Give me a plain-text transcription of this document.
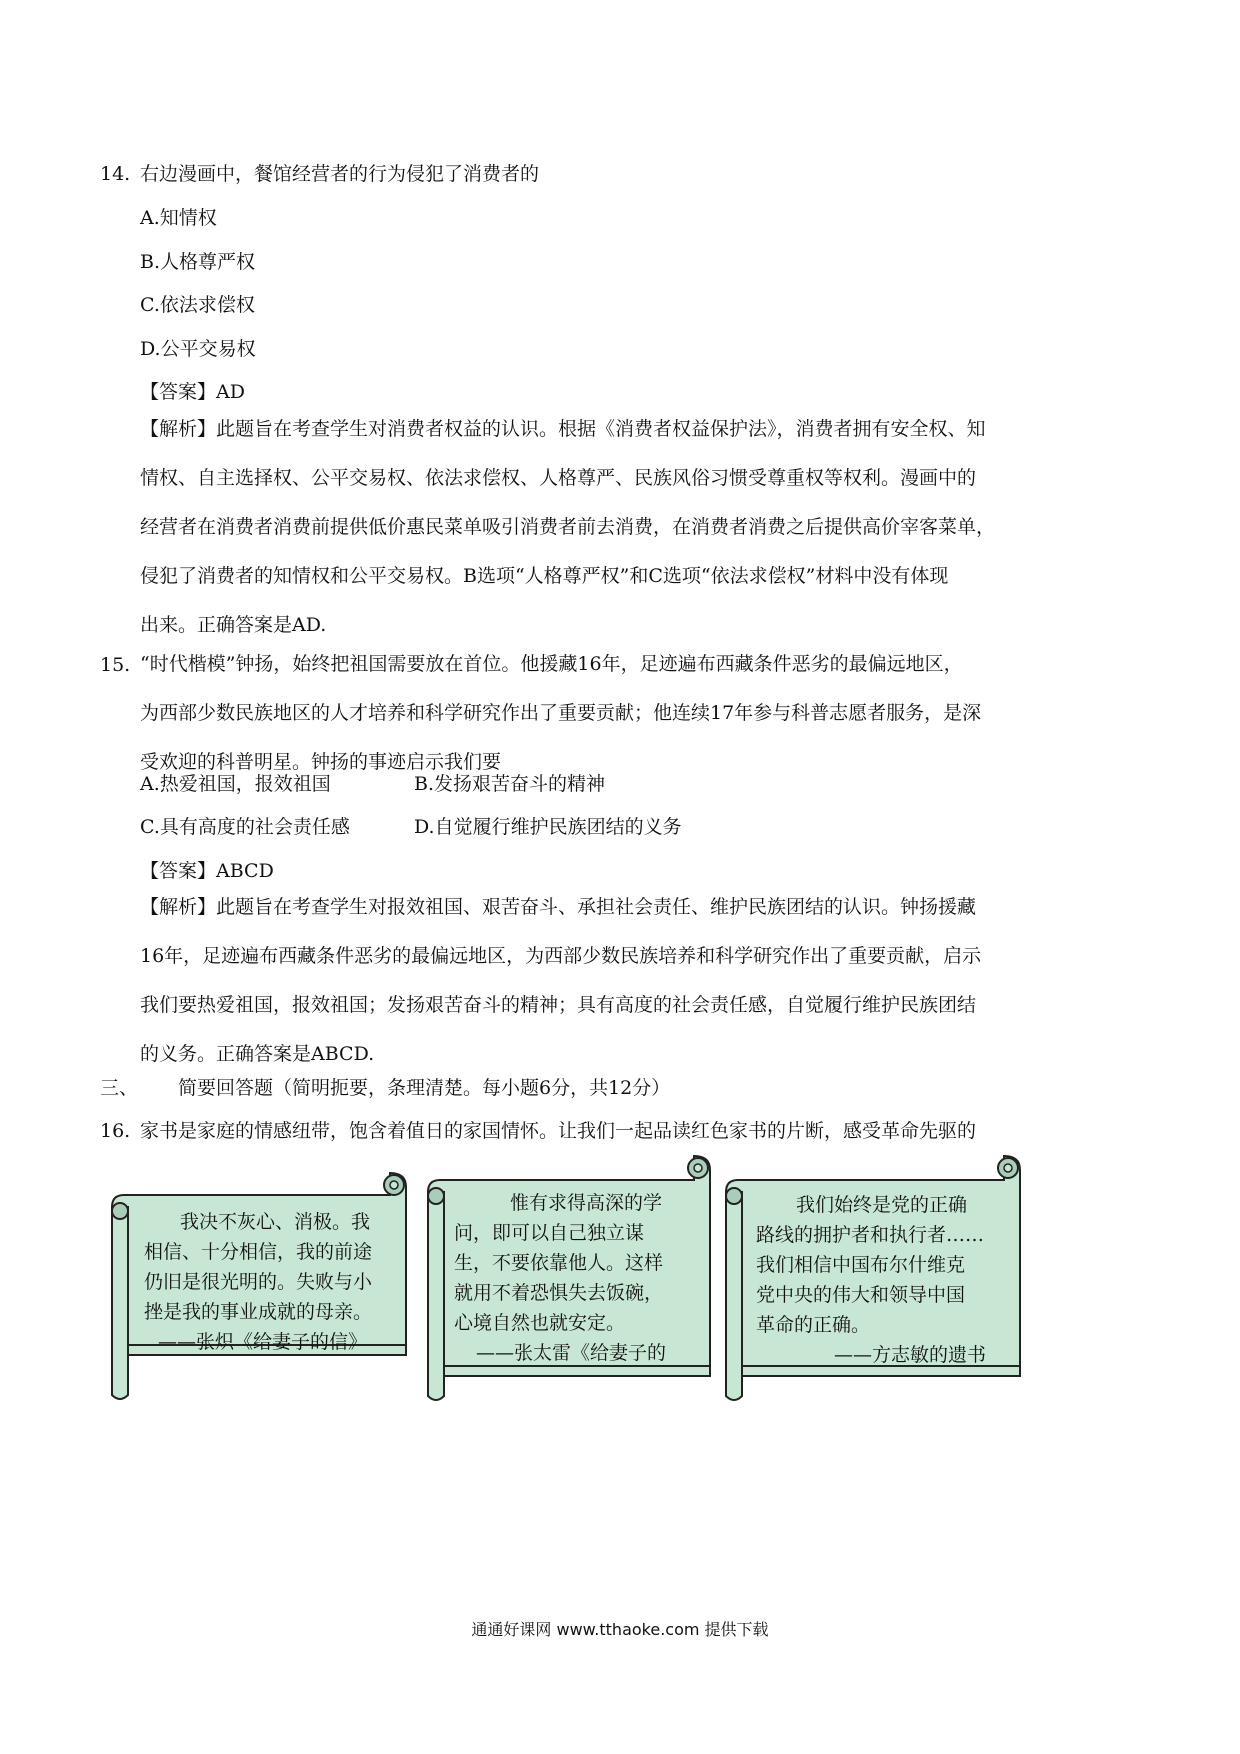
14. 右边漫画中，餐馆经营者的行为侵犯了消费者的
A.知情权
B.人格尊严权
C.依法求偿权
D.公平交易权
【答案】AD
【解析】此题旨在考查学生对消费者权益的认识。根据《消费者权益保护法》，消费者拥有安全权、知
情权、自主选择权、公平交易权、依法求偿权、人格尊严、民族风俗习惯受尊重权等权利。漫画中的
经营者在消费者消费前提供低价惠民菜单吸引消费者前去消费，在消费者消费之后提供高价宰客菜单，
侵犯了消费者的知情权和公平交易权。B选项“人格尊严权”和C选项“依法求偿权”材料中没有体现
出来。正确答案是AD.
15. “时代楷模”钟扬，始终把祖国需要放在首位。他援藏16年，足迹遍布西藏条件恶劣的最偏远地区，
为西部少数民族地区的人才培养和科学研究作出了重要贡献；他连续17年参与科普志愿者服务，是深
受欢迎的科普明星。钟扬的事迹启示我们要
A.热爱祖国，报效祖国	B.发扬艰苦奋斗的精神
C.具有高度的社会责任感	D.自觉履行维护民族团结的义务
【答案】ABCD
【解析】此题旨在考查学生对报效祖国、艰苦奋斗、承担社会责任、维护民族团结的认识。钟扬援藏
16年，足迹遍布西藏条件恶劣的最偏远地区，为西部少数民族培养和科学研究作出了重要贡献，启示
我们要热爱祖国，报效祖国；发扬艰苦奋斗的精神；具有高度的社会责任感，自觉履行维护民族团结
的义务。正确答案是ABCD.
三、 简要回答题（简明扼要，条理清楚。每小题6分，共12分）
16. 家书是家庭的情感纽带，饱含着值日的家国情怀。让我们一起品读红色家书的片断，感受革命先驱的
我决不灰心、消极。我
相信、十分相信，我的前途
仍旧是很光明的。失败与小
挫是我的事业成就的母亲。
——张炽《给妻子的信》
惟有求得高深的学
问，即可以自己独立谋
生，不要依靠他人。这样
就用不着恐惧失去饭碗，
心境自然也就安定。
——张太雷《给妻子的
我们始终是党的正确
路线的拥护者和执行者……
我们相信中国布尔什维克
党中央的伟大和领导中国
革命的正确。
——方志敏的遗书
通通好课网 www.tthaoke.com 提供下载
